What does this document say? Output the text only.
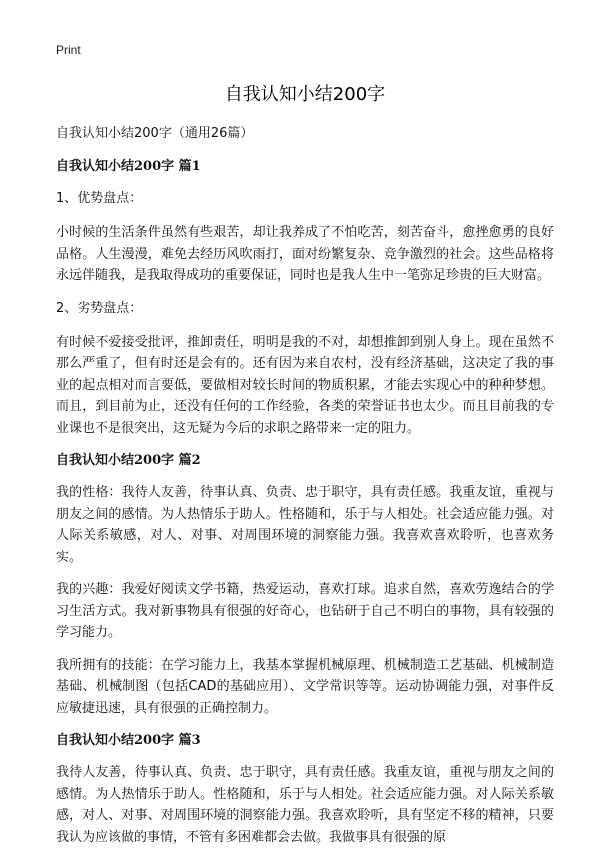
Print
自我认知小结200字
自我认知小结200字（通用26篇）
自我认知小结200字 篇1
1、优势盘点：

小时候的生活条件虽然有些艰苦，却让我养成了不怕吃苦，刻苦奋斗，愈挫愈勇的良好品格。人生漫漫，难免去经历风吹雨打，面对纷繁复杂、竞争激烈的社会。这些品格将永远伴随我，是我取得成功的重要保证，同时也是我人生中一笔弥足珍贵的巨大财富。

2、劣势盘点：

有时候不爱接受批评，推卸责任，明明是我的不对，却想推卸到别人身上。现在虽然不那么严重了，但有时还是会有的。还有因为来自农村，没有经济基础，这决定了我的事业的起点相对而言要低，要做相对较长时间的物质积累，才能去实现心中的种种梦想。而且，到目前为止，还没有任何的工作经验，各类的荣誉证书也太少。而且目前我的专业课也不是很突出，这无疑为今后的求职之路带来一定的阻力。

自我认知小结200字 篇2

我的性格：我待人友善，待事认真、负责、忠于职守，具有责任感。我重友谊，重视与朋友之间的感情。为人热情乐于助人。性格随和，乐于与人相处。社会适应能力强。对人际关系敏感，对人、对事、对周围环境的洞察能力强。我喜欢喜欢聆听，也喜欢务实。

我的兴趣：我爱好阅读文学书籍，热爱运动，喜欢打球。追求自然，喜欢劳逸结合的学习生活方式。我对新事物具有很强的好奇心，也钻研于自己不明白的事物，具有较强的学习能力。

我所拥有的技能：在学习能力上，我基本掌握机械原理、机械制造工艺基础、机械制造基础、机械制图（包括CAD的基础应用）、文学常识等等。运动协调能力强，对事件反应敏捷迅速，具有很强的正确控制力。

自我认知小结200字 篇3

我待人友善，待事认真、负责、忠于职守，具有责任感。我重友谊，重视与朋友之间的感情。为人热情乐于助人。性格随和，乐于与人相处。社会适应能力强。对人际关系敏感，对人、对事、对周围环境的洞察能力强。我喜欢聆听，具有坚定不移的精神，只要我认为应该做的事情，不管有多困难都会去做。我做事具有很强的原
